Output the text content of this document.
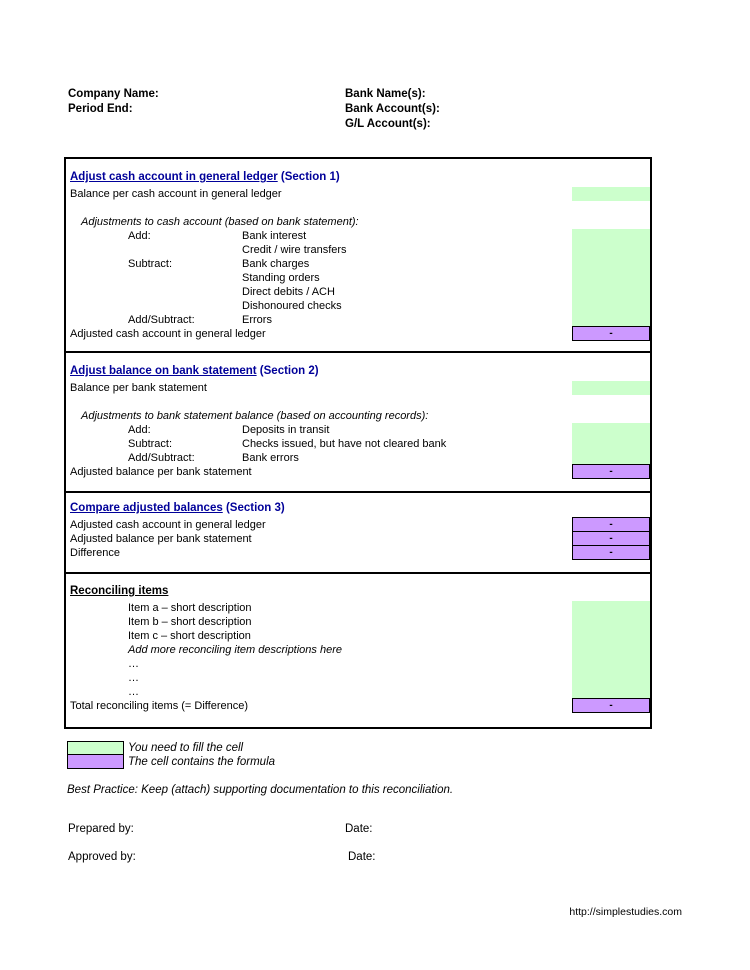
Company Name:
Period End:
Bank Name(s):
Bank Account(s):
G/L Account(s):
Adjust cash account in general ledger (Section 1)
Balance per cash account in general ledger
Adjustments to cash account (based on bank statement):
Add:	Bank interest
Credit / wire transfers
Subtract:	Bank charges
Standing orders
Direct debits / ACH
Dishonoured checks
Add/Subtract:	Errors
Adjusted cash account in general ledger	-
Adjust balance on bank statement (Section 2)
Balance per bank statement
Adjustments to bank statement balance (based on accounting records):
Add:	Deposits in transit
Subtract:	Checks issued, but have not cleared bank
Add/Subtract:	Bank errors
Adjusted balance per bank statement	-
Compare adjusted balances (Section 3)
Adjusted cash account in general ledger	-
Adjusted balance per bank statement	-
Difference	-
Reconciling items
Item a – short description
Item b – short description
Item c – short description
Add more reconciling item descriptions here
…
…
…
Total reconciling items (= Difference)	-
You need to fill the cell
The cell contains the formula
Best Practice: Keep (attach) supporting documentation to this reconciliation.
Prepared by:	Date:
Approved by:	Date:
http://simplestudies.com
